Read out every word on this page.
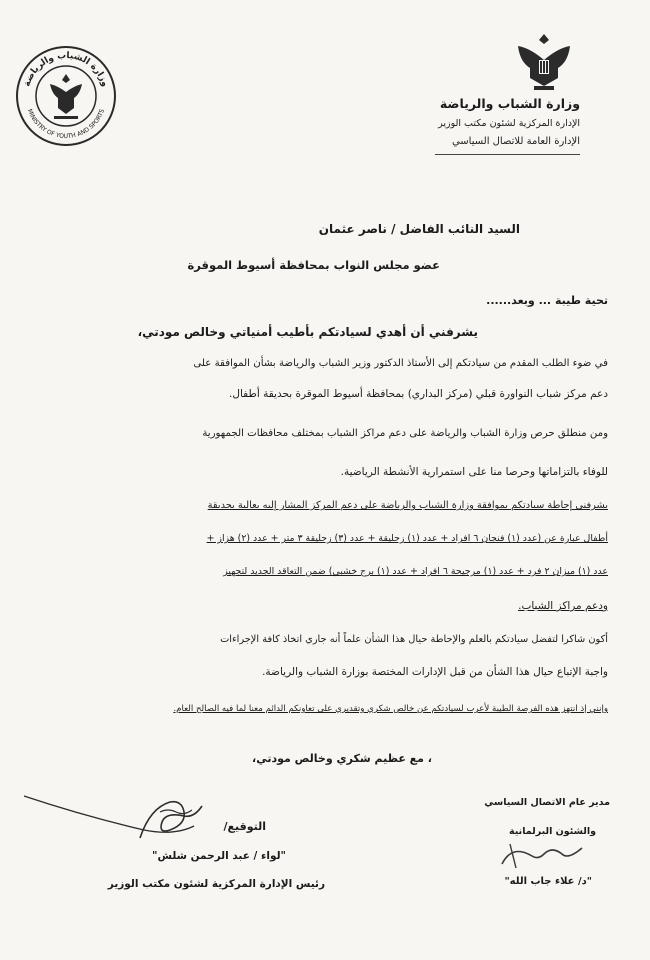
وزارة الشباب والرياضة
MINISTRY OF YOUTH AND SPORTS
وزارة الشباب والرياضة
الإدارة المركزية لشئون مكتب الوزير
الإدارة العامة للاتصال السياسي
السيد النائب الفاضل / ناصر عثمان
عضو مجلس النواب بمحافظة أسيوط الموقرة
تحية طيبة ... وبعد......
يشرفني أن أهدي لسيادتكم بأطيب أمنياتي وخالص مودتي،
في ضوء الطلب المقدم من سيادتكم إلى الأستاذ الدكتور وزير الشباب والرياضة بشأن الموافقة على
دعم مركز شباب النواورة قبلي (مركز البداري) بمحافظة أسيوط الموقرة بحديقة أطفال.
ومن منطلق حرص وزارة الشباب والرياضة على دعم مراكز الشباب بمختلف محافظات الجمهورية
للوفاء بالتزاماتها وحرصا منا على استمرارية الأنشطة الرياضية.
يشرفني إحاطة سيادتكم بموافقة وزارة الشباب والرياضة على دعم المركز المشار إليه بعالية بحديقة
أطفال عبارة عن (عدد (١) فنجان ٦ افراد + عدد (١) زحليقة + عدد (٣) زحليقة ٣ متر + عدد (٢) هزاز +
عدد (١) ميزان ٢ فرد + عدد (١) مرجيحة ٦ افراد + عدد (١) برج خشبي) ضمن التعاقد الجديد لتجهيز
ودعم مراكز الشباب.
أكون شاكرا لتفضل سيادتكم بالعلم والإحاطة حيال هذا الشأن علماً أنه جاري اتخاذ كافة الإجراءات
واجبة الإتباع حيال هذا الشأن من قبل الإدارات المختصة بوزارة الشباب والرياضة.
وإنني إذ انتهز هذه الفرصة الطيبة لأعرب لسيادتكم عن خالص شكري وتقديري على تعاونكم الدائم معنا لما فيه الصالح العام.
، مع عظيم شكري وخالص مودتي،
مدير عام الاتصال السياسي
والشئون البرلمانية
"د/ علاء جاب الله"
التوقيع/
"لواء / عبد الرحمن شلش"
رئيس الإدارة المركزية لشئون مكتب الوزير
